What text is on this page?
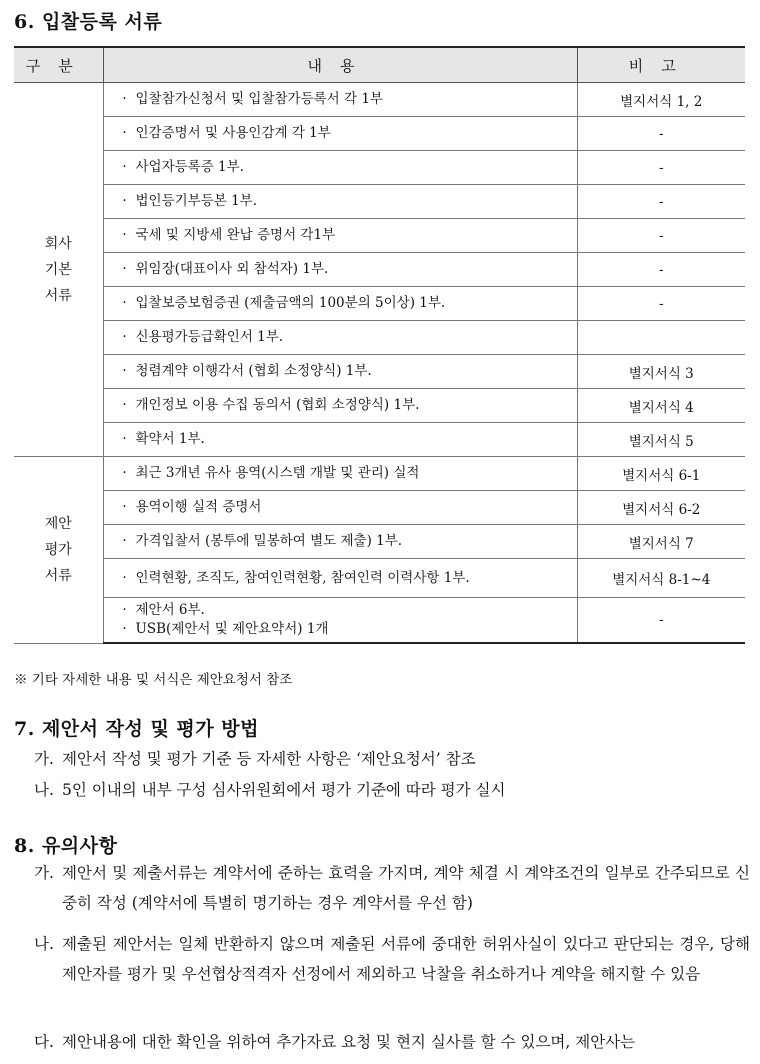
6. 입찰등록 서류
구분	내용	비고

회사
기본
서류	· 입찰참가신청서 및 입찰참가등록서 각 1부	별지서식 1, 2

	· 인감증명서 및 사용인감계 각 1부	-

	· 사업자등록증 1부.	-

	· 법인등기부등본 1부.	-

	· 국세 및 지방세 완납 증명서 각1부	-

	· 위임장(대표이사 외 참석자) 1부.	-

	· 입찰보증보험증권 (제출금액의 100분의 5이상) 1부.	-

	· 신용평가등급확인서 1부.

	· 청렴계약 이행각서 (협회 소정양식) 1부.	별지서식 3

	· 개인정보 이용 수집 동의서 (협회 소정양식) 1부.	별지서식 4

	· 확약서 1부.	별지서식 5

제안
평가
서류	· 최근 3개년 유사 용역(시스템 개발 및 관리) 실적	별지서식 6-1

	· 용역이행 실적 증명서	별지서식 6-2

	· 가격입찰서 (봉투에 밀봉하여 별도 제출) 1부.	별지서식 7

	· 인력현황, 조직도, 참여인력현황, 참여인력 이력사항 1부.	별지서식 8-1~4

	· 제안서 6부.
· USB(제안서 및 제안요약서) 1개	-
※ 기타 자세한 내용 및 서식은 제안요청서 참조
7. 제안서 작성 및 평가 방법
가. 제안서 작성 및 평가 기준 등 자세한 사항은 ‘제안요청서’ 참조
나. 5인 이내의 내부 구성 심사위원회에서 평가 기준에 따라 평가 실시
8. 유의사항
가. 제안서 및 제출서류는 계약서에 준하는 효력을 가지며, 계약 체결 시 계약조건의 일부로 간주되므로 신중히 작성 (계약서에 특별히 명기하는 경우 계약서를 우선 함)
나. 제출된 제안서는 일체 반환하지 않으며 제출된 서류에 중대한 허위사실이 있다고 판단되는 경우, 당해 제안자를 평가 및 우선협상적격자 선정에서 제외하고 낙찰을 취소하거나 계약을 해지할 수 있음
다. 제안내용에 대한 확인을 위하여 추가자료 요청 및 현지 실사를 할 수 있으며, 제안사는
